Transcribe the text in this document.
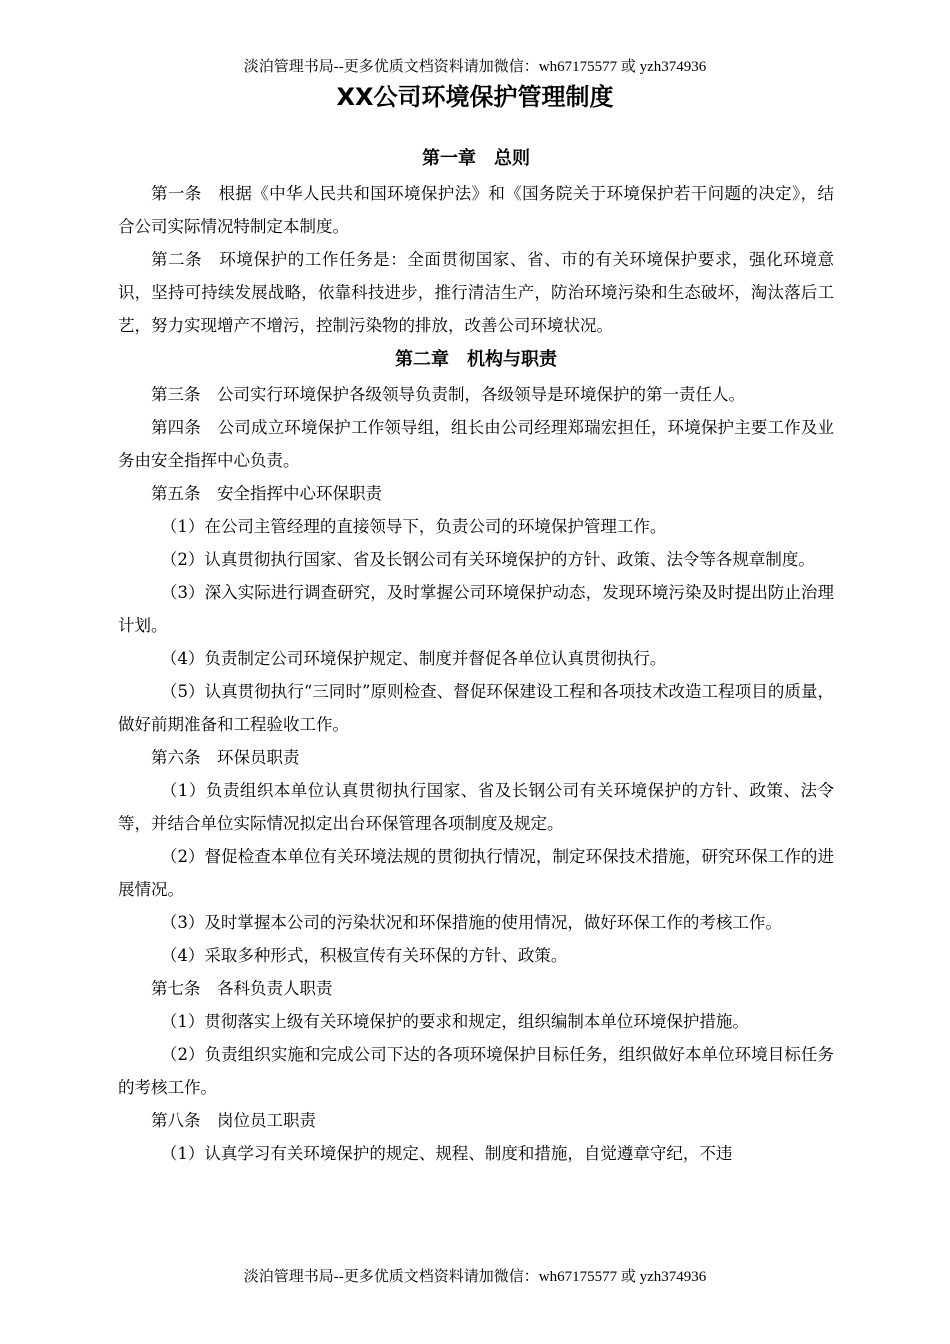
淡泊管理书局--更多优质文档资料请加微信：wh67175577 或 yzh374936
XX公司环境保护管理制度
第一章　总则

第一条　根据《中华人民共和国环境保护法》和《国务院关于环境保护若干问题的决定》，结合公司实际情况特制定本制度。

第二条　环境保护的工作任务是：全面贯彻国家、省、市的有关环境保护要求，强化环境意识，坚持可持续发展战略，依靠科技进步，推行清洁生产，防治环境污染和生态破坏，淘汰落后工艺，努力实现增产不增污，控制污染物的排放，改善公司环境状况。

第二章　机构与职责

第三条　公司实行环境保护各级领导负责制，各级领导是环境保护的第一责任人。

第四条　公司成立环境保护工作领导组，组长由公司经理郑瑞宏担任，环境保护主要工作及业务由安全指挥中心负责。

第五条　安全指挥中心环保职责

（1）在公司主管经理的直接领导下，负责公司的环境保护管理工作。

（2）认真贯彻执行国家、省及长钢公司有关环境保护的方针、政策、法令等各规章制度。

（3）深入实际进行调查研究，及时掌握公司环境保护动态，发现环境污染及时提出防止治理计划。

（4）负责制定公司环境保护规定、制度并督促各单位认真贯彻执行。

（5）认真贯彻执行“三同时”原则检查、督促环保建设工程和各项技术改造工程项目的质量，做好前期准备和工程验收工作。

第六条　环保员职责

（1）负责组织本单位认真贯彻执行国家、省及长钢公司有关环境保护的方针、政策、法令等，并结合单位实际情况拟定出台环保管理各项制度及规定。

（2）督促检查本单位有关环境法规的贯彻执行情况，制定环保技术措施，研究环保工作的进展情况。

（3）及时掌握本公司的污染状况和环保措施的使用情况，做好环保工作的考核工作。

（4）采取多种形式，积极宣传有关环保的方针、政策。

第七条　各科负责人职责

（1）贯彻落实上级有关环境保护的要求和规定，组织编制本单位环境保护措施。

（2）负责组织实施和完成公司下达的各项环境保护目标任务，组织做好本单位环境目标任务的考核工作。

第八条　岗位员工职责

（1）认真学习有关环境保护的规定、规程、制度和措施，自觉遵章守纪，不违

淡泊管理书局--更多优质文档资料请加微信：wh67175577 或 yzh374936
